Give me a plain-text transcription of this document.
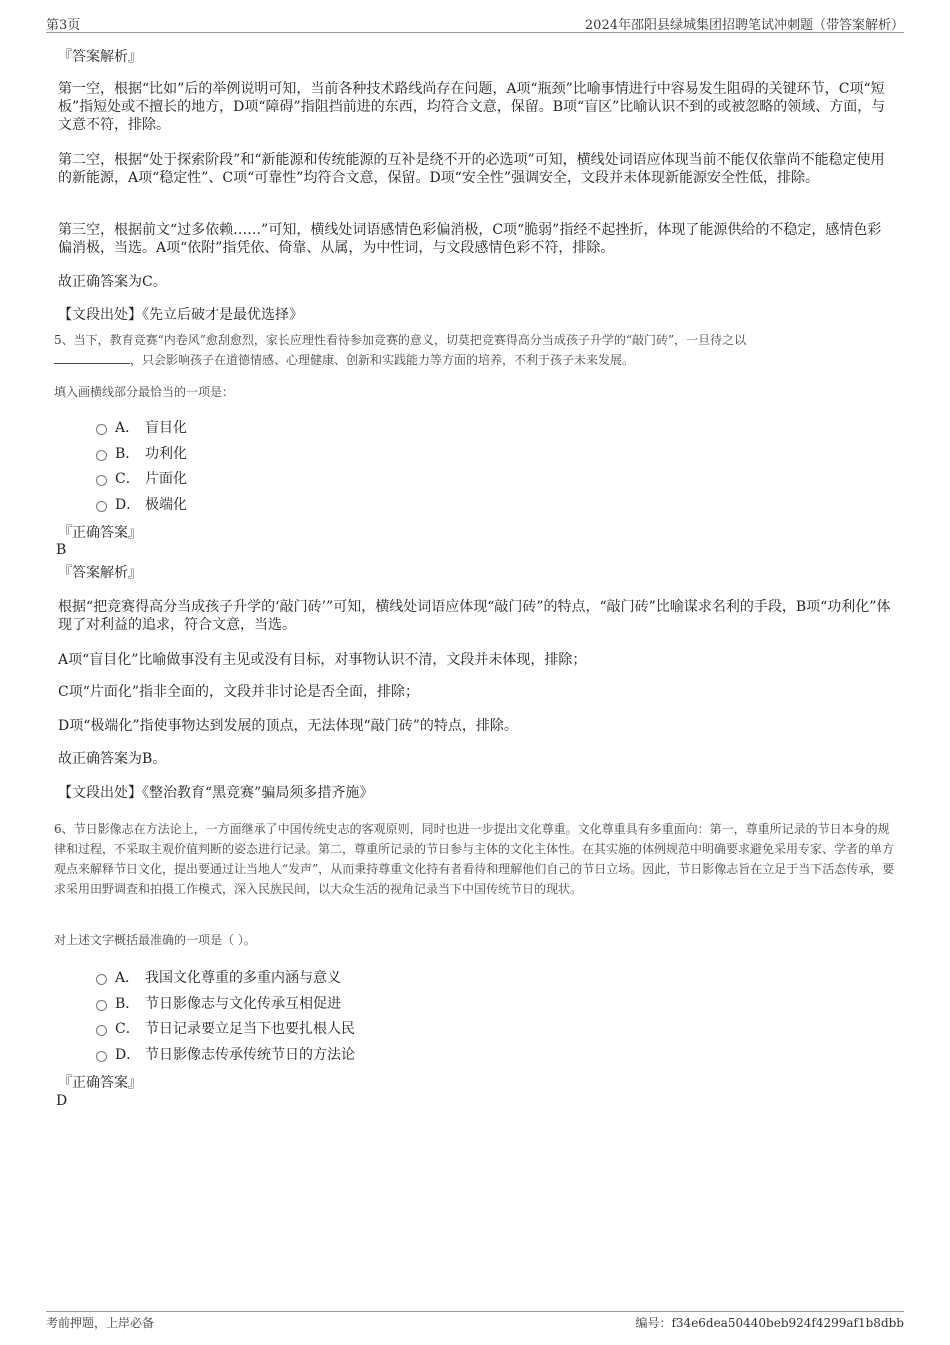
第3页	2024年邵阳县绿城集团招聘笔试冲刺题（带答案解析）
『答案解析』
第一空，根据“比如”后的举例说明可知，当前各种技术路线尚存在问题，A项“瓶颈”比喻事情进行中容易发生阻碍的关键环节，C项“短板”指短处或不擅长的地方，D项“障碍”指阻挡前进的东西，均符合文意，保留。B项“盲区”比喻认识不到的或被忽略的领域、方面，与文意不符，排除。
第二空，根据“处于探索阶段”和“新能源和传统能源的互补是绕不开的必选项”可知，横线处词语应体现当前不能仅依靠尚不能稳定使用的新能源，A项“稳定性”、C项“可靠性”均符合文意，保留。D项“安全性”强调安全，文段并未体现新能源安全性低，排除。
第三空，根据前文“过多依赖……”可知，横线处词语感情色彩偏消极，C项“脆弱”指经不起挫折，体现了能源供给的不稳定，感情色彩偏消极，当选。A项“依附”指凭依、倚靠、从属，为中性词，与文段感情色彩不符，排除。
故正确答案为C。
【文段出处】《先立后破才是最优选择》
5、当下，教育竞赛“内卷风”愈刮愈烈，家长应理性看待参加竞赛的意义，切莫把竞赛得高分当成孩子升学的“敲门砖”，一旦待之以
，只会影响孩子在道德情感、心理健康、创新和实践能力等方面的培养，不利于孩子未来发展。
填入画横线部分最恰当的一项是：
A． 盲目化
B． 功利化
C． 片面化
D． 极端化
『正确答案』
B
『答案解析』
根据“把竞赛得高分当成孩子升学的‘敲门砖’”可知，横线处词语应体现“敲门砖”的特点，“敲门砖”比喻谋求名利的手段，B项“功利化”体现了对利益的追求，符合文意，当选。
A项“盲目化”比喻做事没有主见或没有目标，对事物认识不清，文段并未体现，排除；
C项“片面化”指非全面的，文段并非讨论是否全面，排除；
D项“极端化”指使事物达到发展的顶点，无法体现“敲门砖”的特点，排除。
故正确答案为B。
【文段出处】《整治教育“黑竞赛”骗局须多措齐施》
6、节日影像志在方法论上，一方面继承了中国传统史志的客观原则，同时也进一步提出文化尊重。文化尊重具有多重面向：第一，尊重所记录的节日本身的规律和过程，不采取主观价值判断的姿态进行记录。第二，尊重所记录的节日参与主体的文化主体性。在其实施的体例规范中明确要求避免采用专家、学者的单方观点来解释节日文化，提出要通过让当地人“发声”，从而秉持尊重文化持有者看待和理解他们自己的节日立场。因此，节日影像志旨在立足于当下活态传承，要求采用田野调查和拍摄工作模式，深入民族民间，以大众生活的视角记录当下中国传统节日的现状。
对上述文字概括最准确的一项是（ ）。
A． 我国文化尊重的多重内涵与意义
B． 节日影像志与文化传承互相促进
C． 节日记录要立足当下也要扎根人民
D． 节日影像志传承传统节日的方法论
『正确答案』
D
考前押题，上岸必备	编号：f34e6dea50440beb924f4299af1b8dbb
